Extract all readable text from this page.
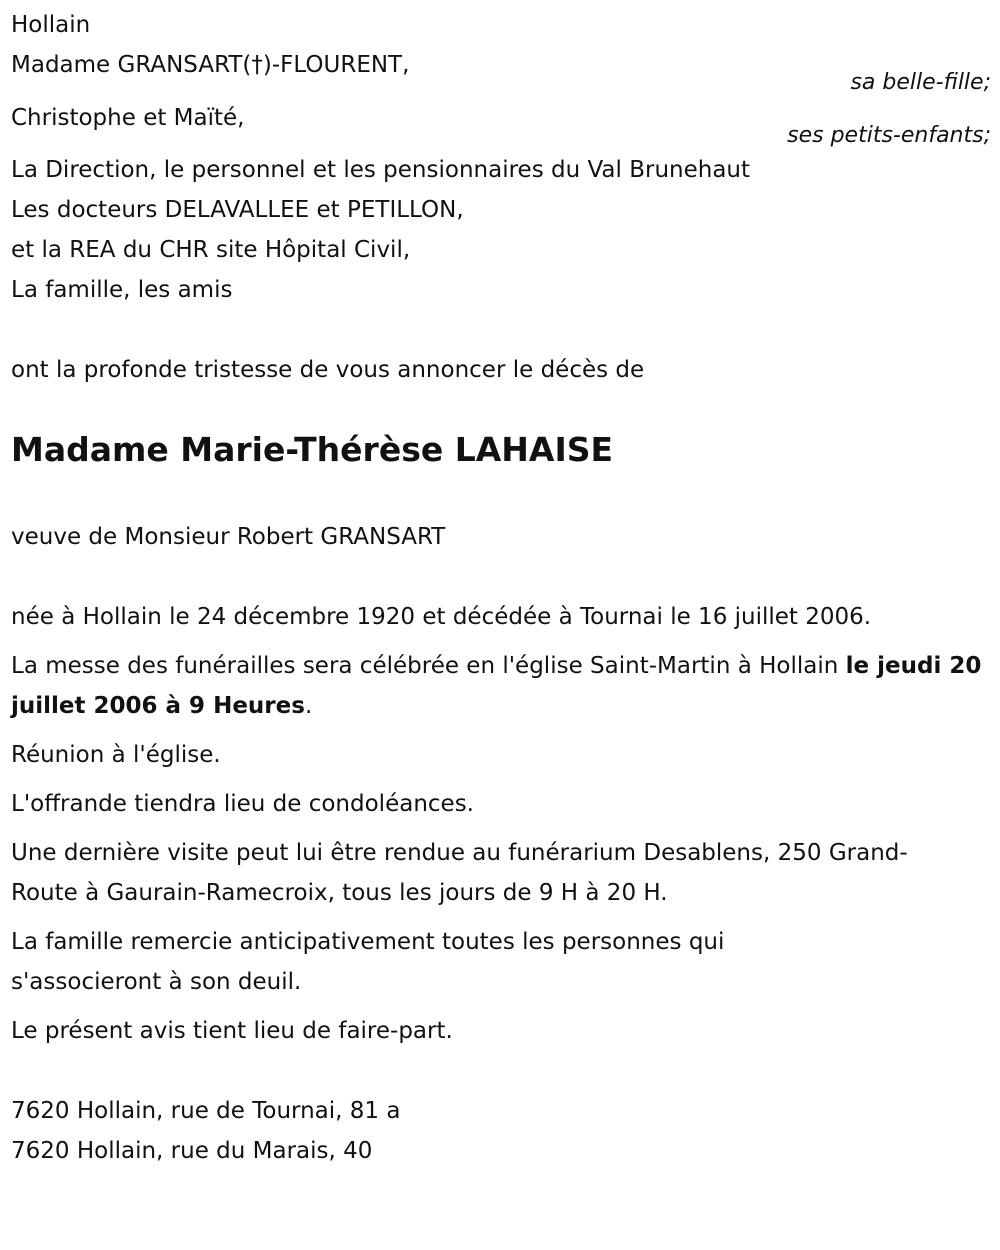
Hollain
Madame GRANSART(†)-FLOURENT,
sa belle-fille;
Christophe et Maïté,
ses petits-enfants;
La Direction, le personnel et les pensionnaires du Val Brunehaut
Les docteurs DELAVALLEE et PETILLON,
et la REA du CHR site Hôpital Civil,
La famille, les amis
ont la profonde tristesse de vous annoncer le décès de
Madame Marie-Thérèse LAHAISE
veuve de Monsieur Robert GRANSART
née à Hollain le 24 décembre 1920 et décédée à Tournai le 16 juillet 2006.
La messe des funérailles sera célébrée en l'église Saint-Martin à Hollain le jeudi 20 juillet 2006 à 9 Heures.
Réunion à l'église.
L'offrande tiendra lieu de condoléances.
Une dernière visite peut lui être rendue au funérarium Desablens, 250 Grand-Route à Gaurain-Ramecroix, tous les jours de 9 H à 20 H.
La famille remercie anticipativement toutes les personnes qui s'associeront à son deuil.
Le présent avis tient lieu de faire-part.
7620 Hollain, rue de Tournai, 81 a
7620 Hollain, rue du Marais, 40
